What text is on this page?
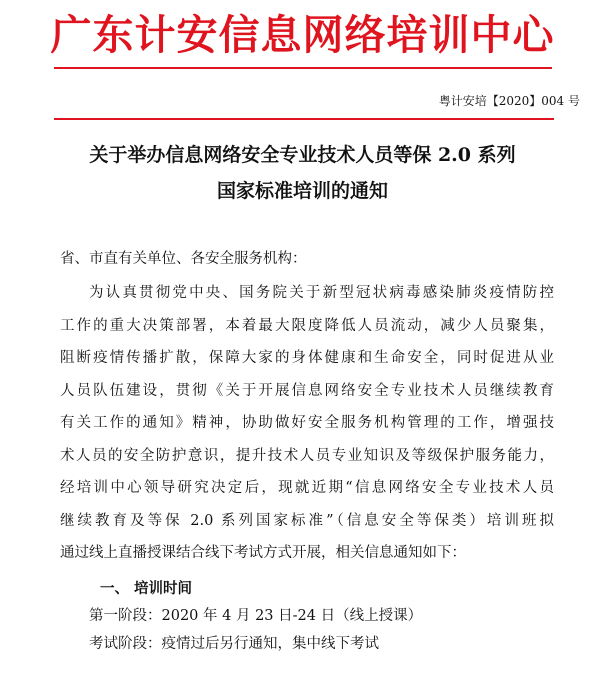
广东计安信息网络培训中心
粤计安培【2020】004 号
关于举办信息网络安全专业技术人员等保 2.0 系列
国家标准培训的通知
省、市直有关单位、各安全服务机构：
为认真贯彻党中央、国务院关于新型冠状病毒感染肺炎疫情防控
工作的重大决策部署，本着最大限度降低人员流动，减少人员聚集，
阻断疫情传播扩散，保障大家的身体健康和生命安全，同时促进从业
人员队伍建设，贯彻《关于开展信息网络安全专业技术人员继续教育
有关工作的通知》精神，协助做好安全服务机构管理的工作，增强技
术人员的安全防护意识，提升技术人员专业知识及等级保护服务能力，
经培训中心领导研究决定后，现就近期“信息网络安全专业技术人员
继续教育及等保 2.0 系列国家标准”（信息安全等保类）培训班拟
通过线上直播授课结合线下考试方式开展，相关信息通知如下：
一、 培训时间
第一阶段：2020 年 4 月 23 日-24 日（线上授课）
考试阶段：疫情过后另行通知，集中线下考试
